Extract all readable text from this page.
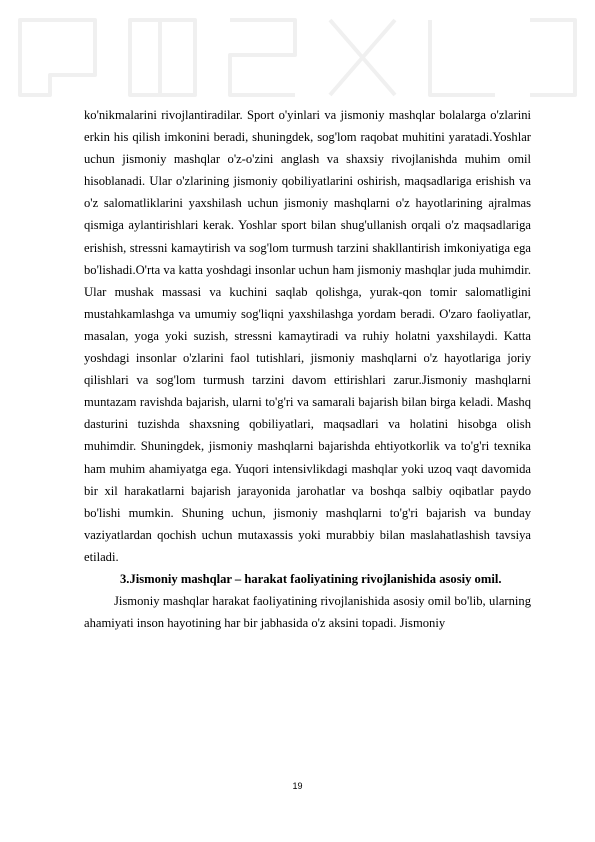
ko'nikmalarini rivojlantiradilar. Sport o'yinlari va jismoniy mashqlar bolalarga o'zlarini erkin his qilish imkonini beradi, shuningdek, sog'lom raqobat muhitini yaratadi.Yoshlar uchun jismoniy mashqlar o'z-o'zini anglash va shaxsiy rivojlanishda muhim omil hisoblanadi. Ular o'zlarining jismoniy qobiliyatlarini oshirish, maqsadlariga erishish va o'z salomatliklarini yaxshilash uchun jismoniy mashqlarni o'z hayotlarining ajralmas qismiga aylantirishlari kerak. Yoshlar sport bilan shug'ullanish orqali o'z maqsadlariga erishish, stressni kamaytirish va sog'lom turmush tarzini shakllantirish imkoniyatiga ega bo'lishadi.O'rta va katta yoshdagi insonlar uchun ham jismoniy mashqlar juda muhimdir. Ular mushak massasi va kuchini saqlab qolishga, yurak-qon tomir salomatligini mustahkamlashga va umumiy sog'liqni yaxshilashga yordam beradi. O'zaro faoliyatlar, masalan, yoga yoki suzish, stressni kamaytiradi va ruhiy holatni yaxshilaydi. Katta yoshdagi insonlar o'zlarini faol tutishlari, jismoniy mashqlarni o'z hayotlariga joriy qilishlari va sog'lom turmush tarzini davom ettirishlari zarur.Jismoniy mashqlarni muntazam ravishda bajarish, ularni to'g'ri va samarali bajarish bilan birga keladi. Mashq dasturini tuzishda shaxsning qobiliyatlari, maqsadlari va holatini hisobga olish muhimdir. Shuningdek, jismoniy mashqlarni bajarishda ehtiyotkorlik va to'g'ri texnika ham muhim ahamiyatga ega. Yuqori intensivlikdagi mashqlar yoki uzoq vaqt davomida bir xil harakatlarni bajarish jarayonida jarohatlar va boshqa salbiy oqibatlar paydo bo'lishi mumkin. Shuning uchun, jismoniy mashqlarni to'g'ri bajarish va bunday vaziyatlardan qochish uchun mutaxassis yoki murabbiy bilan maslahatlashish tavsiya etiladi.

3.Jismoniy mashqlar – harakat faoliyatining rivojlanishida asosiy omil.

Jismoniy mashqlar harakat faoliyatining rivojlanishida asosiy omil bo'lib, ularning ahamiyati inson hayotining har bir jabhasida o'z aksini topadi. Jismoniy

19
